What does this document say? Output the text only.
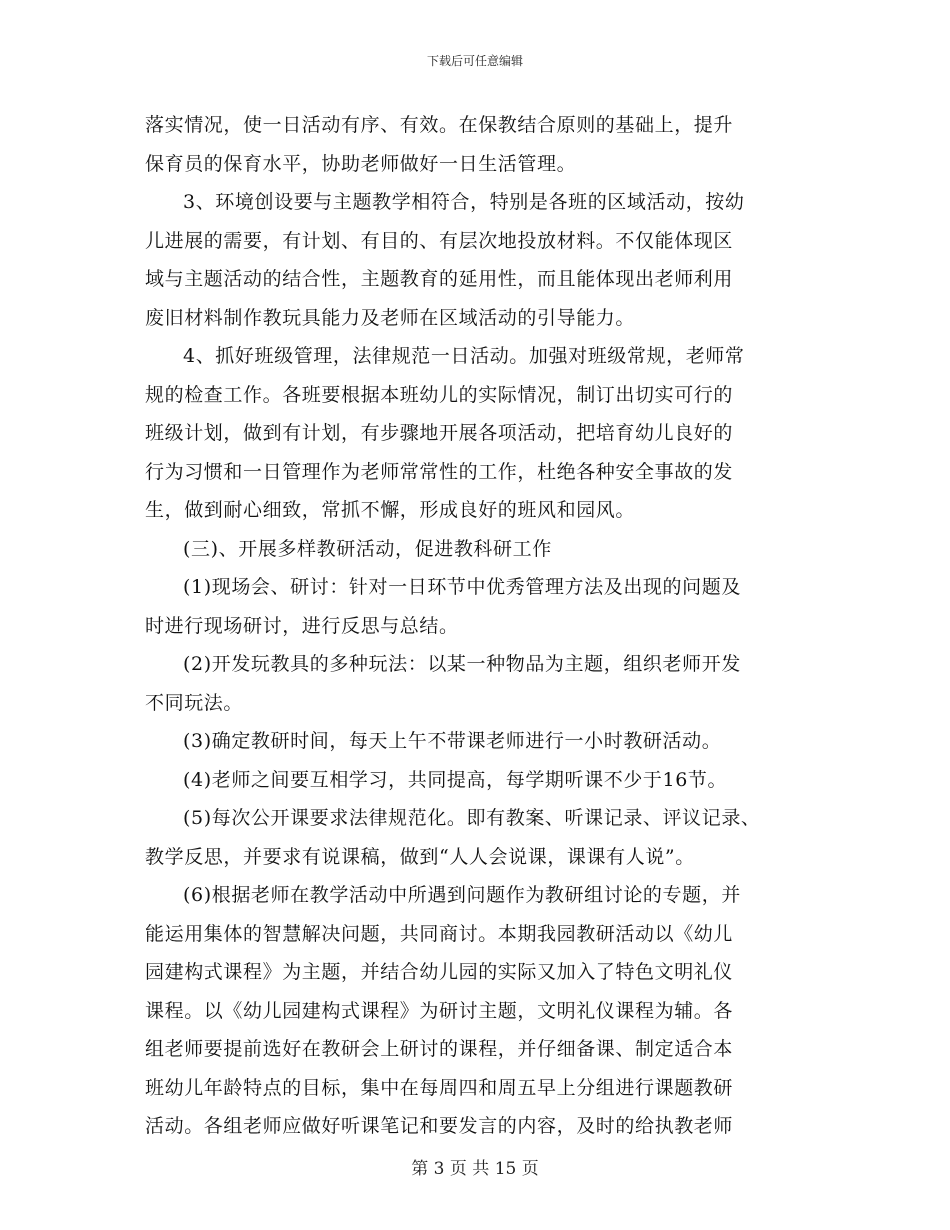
下载后可任意编辑
落实情况，使一日活动有序、有效。在保教结合原则的基础上，提升
保育员的保育水平，协助老师做好一日生活管理。
3、环境创设要与主题教学相符合，特别是各班的区域活动，按幼
儿进展的需要，有计划、有目的、有层次地投放材料。不仅能体现区
域与主题活动的结合性，主题教育的延用性，而且能体现出老师利用
废旧材料制作教玩具能力及老师在区域活动的引导能力。
4、抓好班级管理，法律规范一日活动。加强对班级常规，老师常
规的检查工作。各班要根据本班幼儿的实际情况，制订出切实可行的
班级计划，做到有计划，有步骤地开展各项活动，把培育幼儿良好的
行为习惯和一日管理作为老师常常性的工作，杜绝各种安全事故的发
生，做到耐心细致，常抓不懈，形成良好的班风和园风。
(三)、开展多样教研活动，促进教科研工作
(1)现场会、研讨：针对一日环节中优秀管理方法及出现的问题及
时进行现场研讨，进行反思与总结。
(2)开发玩教具的多种玩法：以某一种物品为主题，组织老师开发
不同玩法。
(3)确定教研时间，每天上午不带课老师进行一小时教研活动。
(4)老师之间要互相学习，共同提高，每学期听课不少于16节。
(5)每次公开课要求法律规范化。即有教案、听课记录、评议记录、
教学反思，并要求有说课稿，做到“人人会说课，课课有人说”。
(6)根据老师在教学活动中所遇到问题作为教研组讨论的专题，并
能运用集体的智慧解决问题，共同商讨。本期我园教研活动以《幼儿
园建构式课程》为主题，并结合幼儿园的实际又加入了特色文明礼仪
课程。以《幼儿园建构式课程》为研讨主题，文明礼仪课程为辅。各
组老师要提前选好在教研会上研讨的课程，并仔细备课、制定适合本
班幼儿年龄特点的目标，集中在每周四和周五早上分组进行课题教研
活动。各组老师应做好听课笔记和要发言的内容，及时的给执教老师
第 3 页 共 15 页
